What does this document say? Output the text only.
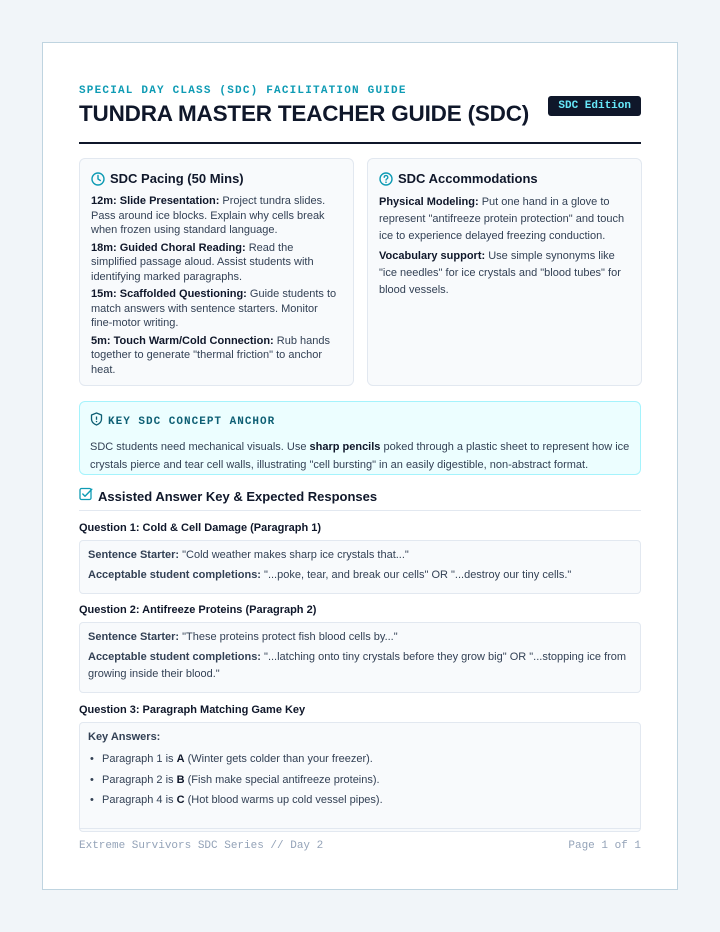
SPECIAL DAY CLASS (SDC) FACILITATION GUIDE
TUNDRA MASTER TEACHER GUIDE (SDC)	SDC Edition
SDC Pacing (50 Mins)

12m: Slide Presentation: Project tundra slides. Pass around ice blocks. Explain why cells break when frozen using standard language.

18m: Guided Choral Reading: Read the simplified passage aloud. Assist students with identifying marked paragraphs.

15m: Scaffolded Questioning: Guide students to match answers with sentence starters. Monitor fine-motor writing.

5m: Touch Warm/Cold Connection: Rub hands together to generate "thermal friction" to anchor heat.

SDC Accommodations

Physical Modeling: Put one hand in a glove to represent "antifreeze protein protection" and touch ice to experience delayed freezing conduction.

Vocabulary support: Use simple synonyms like "ice needles" for ice crystals and "blood tubes" for blood vessels.

KEY SDC CONCEPT ANCHOR

SDC students need mechanical visuals. Use sharp pencils poked through a plastic sheet to represent how ice crystals pierce and tear cell walls, illustrating "cell bursting" in an easily digestible, non-abstract format.

Assisted Answer Key & Expected Responses
Question 1: Cold & Cell Damage (Paragraph 1)

Sentence Starter: "Cold weather makes sharp ice crystals that..."

Acceptable student completions: "...poke, tear, and break our cells" OR "...destroy our tiny cells."

Question 2: Antifreeze Proteins (Paragraph 2)

Sentence Starter: "These proteins protect fish blood cells by..."

Acceptable student completions: "...latching onto tiny crystals before they grow big" OR "...stopping ice from growing inside their blood."

Question 3: Paragraph Matching Game Key

Key Answers:

• Paragraph 1 is A (Winter gets colder than your freezer).
• Paragraph 2 is B (Fish make special antifreeze proteins).
• Paragraph 4 is C (Hot blood warms up cold vessel pipes).
Extreme Survivors SDC Series // Day 2	Page 1 of 1
